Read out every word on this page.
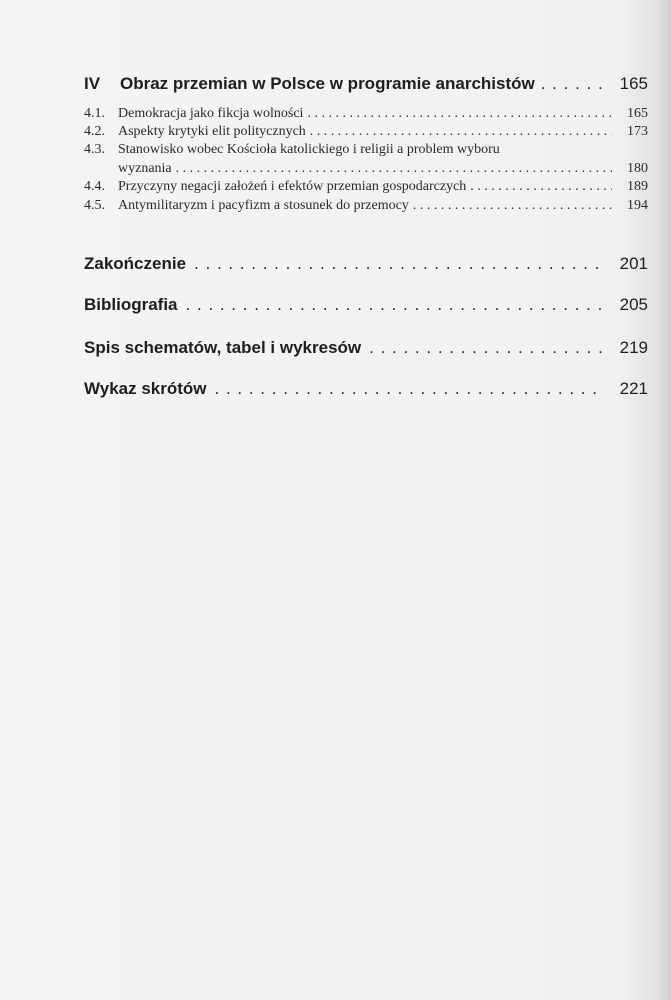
IV	Obraz przemian w Polsce w programie anarchistów . . .	165
4.1. Demokracja jako fikcja wolności . . .	165
4.2. Aspekty krytyki elit politycznych . . .	173
4.3. Stanowisko wobec Kościoła katolickiego i religii a problem wyboru
wyznania . . .	180
4.4. Przyczyny negacji założeń i efektów przemian gospodarczych . . .	189
4.5. Antymilitaryzm i pacyfizm a stosunek do przemocy . . .	194
Zakończenie . . .	201
Bibliografia . . .	205
Spis schematów, tabel i wykresów . . .	219
Wykaz skrótów . . .	221
